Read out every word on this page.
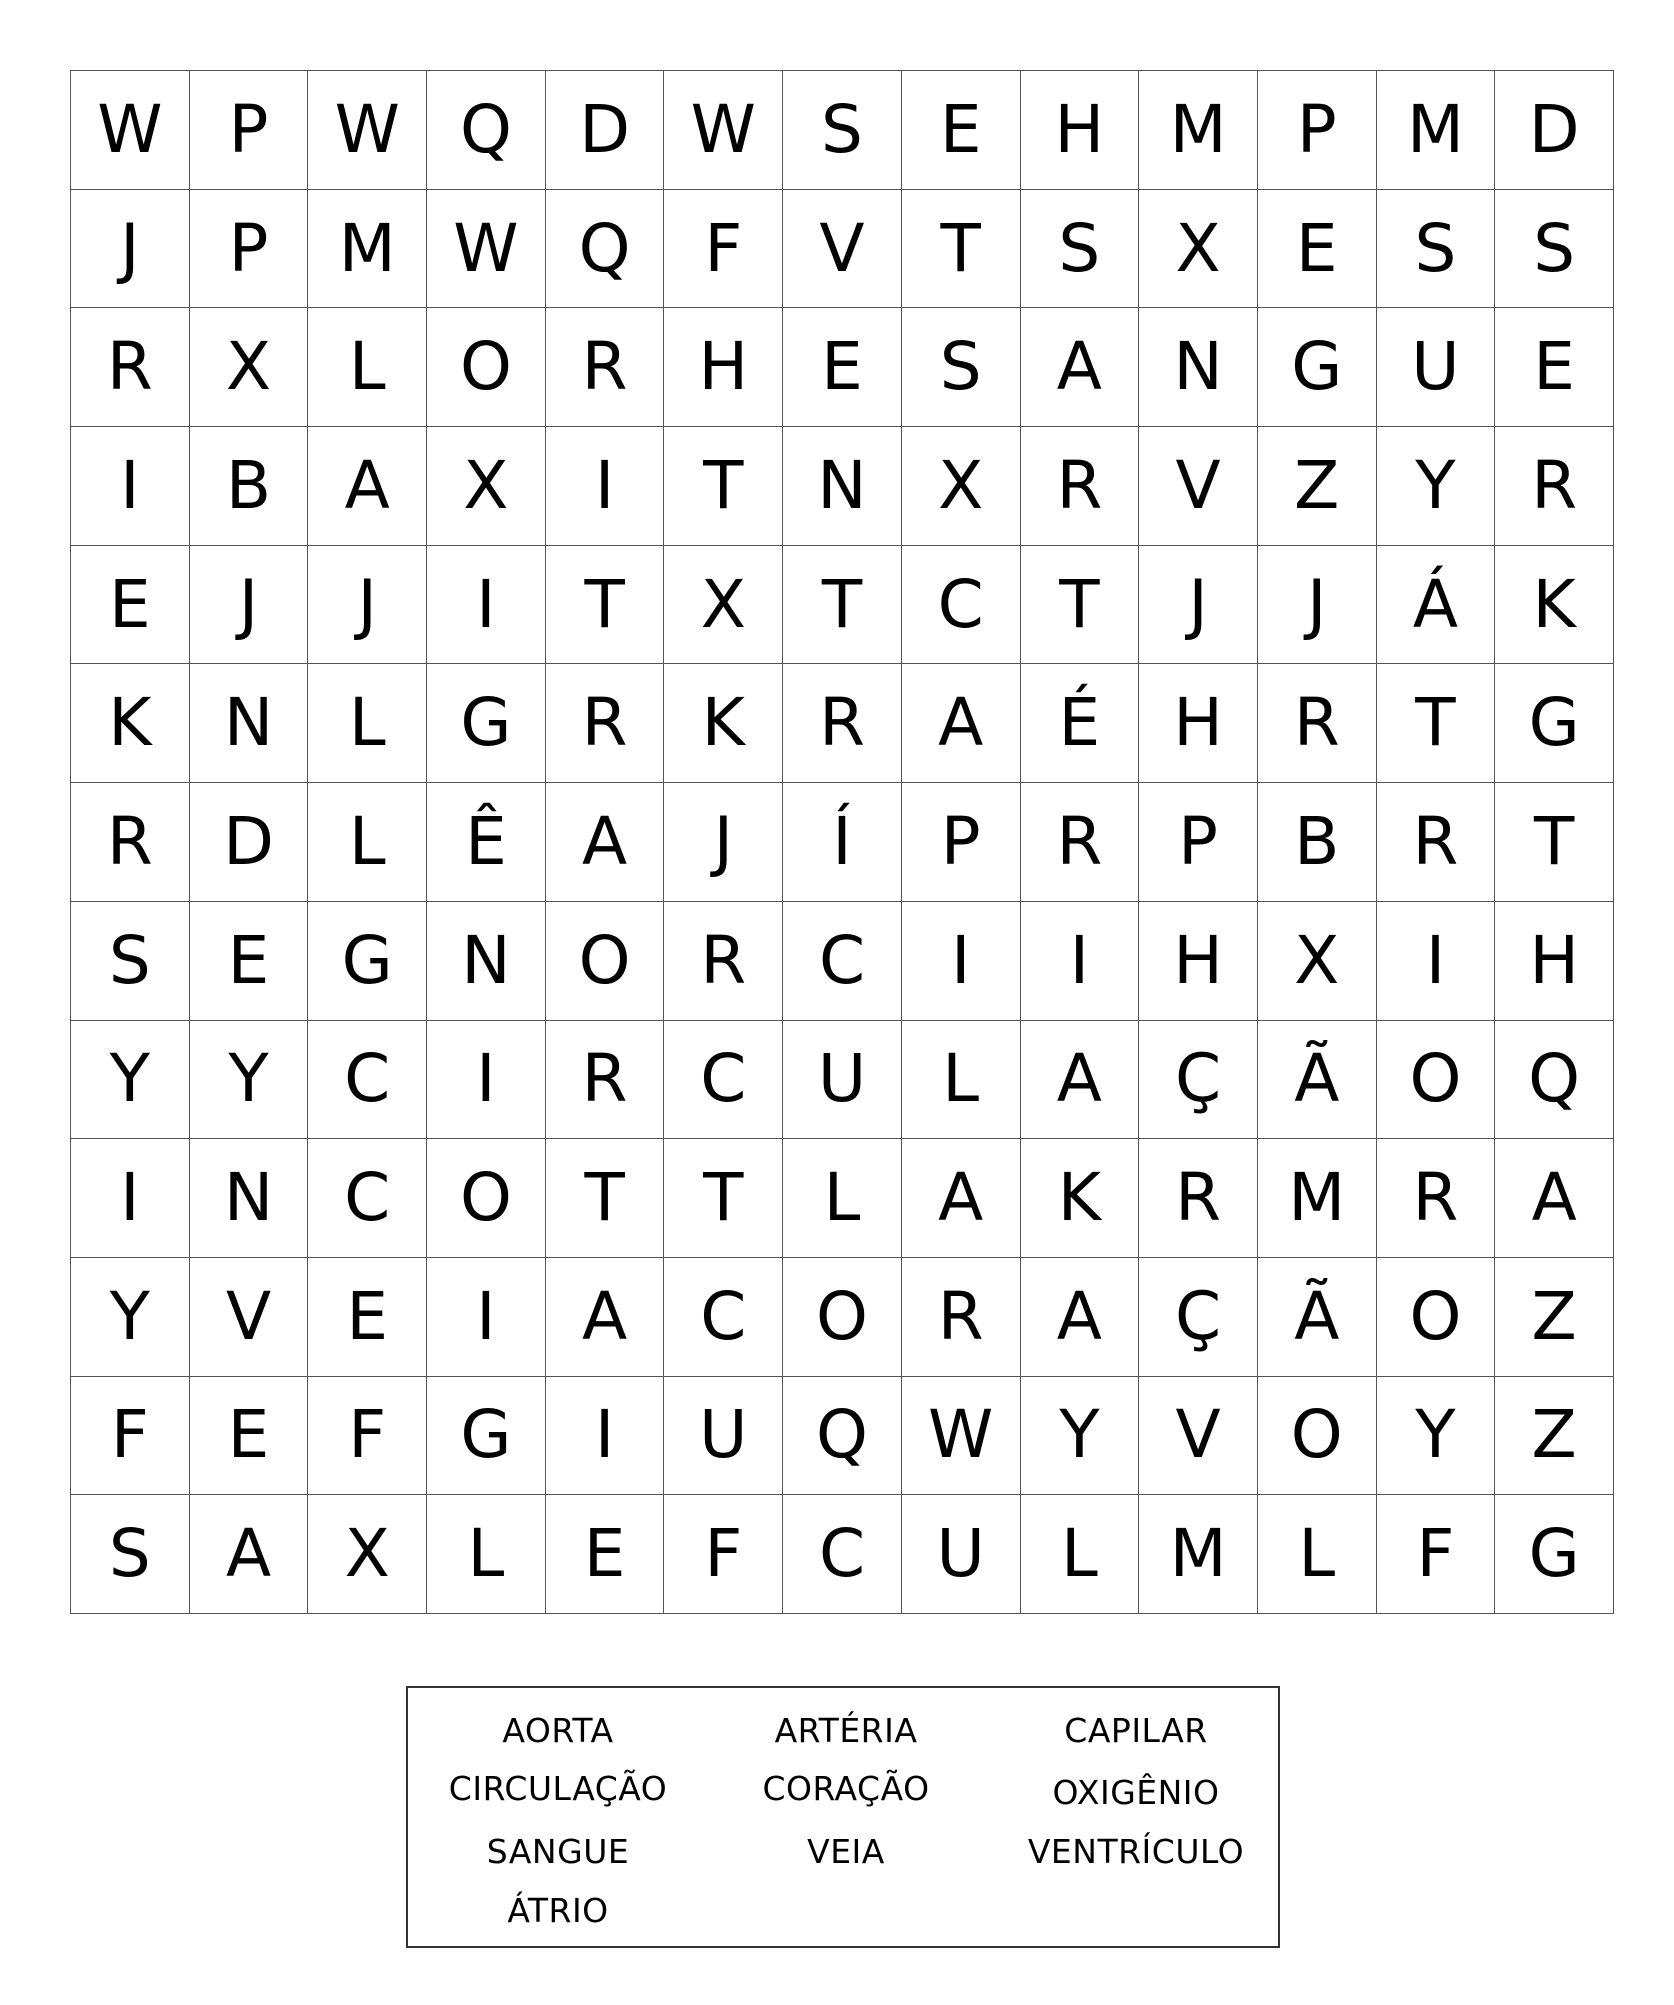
W	P	W Q	D W S	E	H M	P	M D
J	P	M W Q	F	V	T	S	X	E	S	S
R	X	L	O	R	H	E	S	A	N	G	U	E
I	B	A	X	I	T	N	X	R	V	Z	Y	R
E	J	J	I	T	X	T	C	T	J	J	Á	K
K	N	L	G	R	K	R	A	É	H	R	T	G
R	D	L	Ê	A	J	Í	P	R	P	B	R	T
S	E	G	N	O	R	C	I	I	H	X	I	H
Y	Y	C	I	R	C	U	L	A	Ç	Ã	O	Q
I	N	C	O	T	T	L	A	K	R	M	R	A
Y	V	E	I	A	C	O	R	A	Ç	Ã	O	Z
F	E	F	G	I	U	Q W Y	V	O	Y	Z
S	A	X	L	E	F	C	U	L	M	L	F	G
AORTA
CIRCULAÇÃO
SANGUE
ÁTRIO
ARTÉRIA
CORAÇÃO
VEIA
CAPILAR
OXIGÊNIO
VENTRÍCULO
